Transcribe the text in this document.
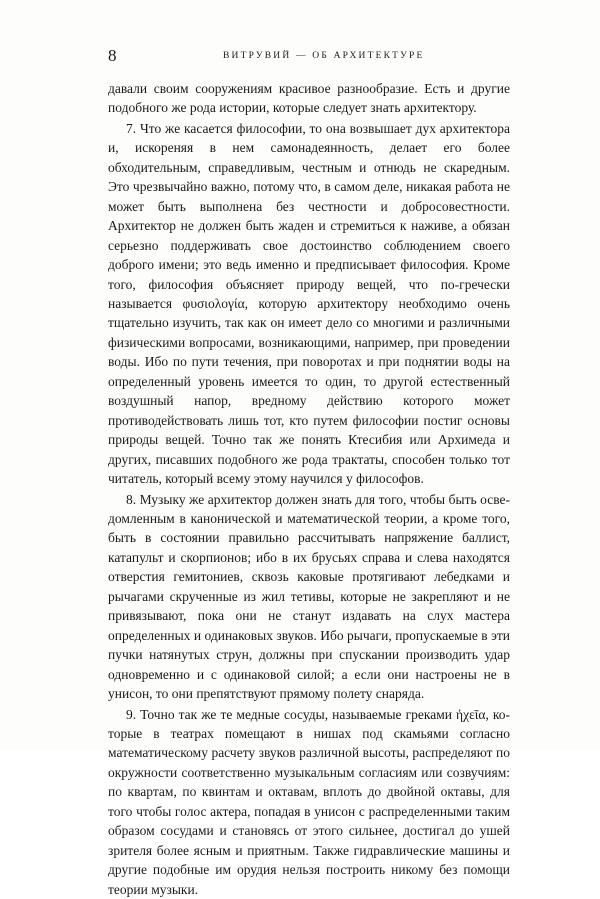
8	ВИТРУВИЙ — ОБ АРХИТЕКТУРЕ

давали своим сооружениям красивое разнообразие. Есть и другие подобного же рода истории, которые следует знать архитектору.

7. Что же касается философии, то она возвышает дух архитектора и, искореняя в нем самонадеянность, делает его более обходительным, справедливым, честным и отнюдь не скаредным. Это чрезвычайно важно, потому что, в самом деле, никакая работа не может быть выполнена без честности и добросовестности. Архитектор не должен быть жаден и стремиться к наживе, а обязан серьезно поддерживать свое достоинство соблюдением своего доброго имени; это ведь именно и предписывает философия. Кроме того, философия объясняет природу вещей, что по-гречески называется φυσιολογία, которую архитектору необходимо очень тщательно изучить, так как он имеет дело со многими и различными физическими вопросами, возникающими, например, при проведении воды. Ибо по пути течения, при поворотах и при поднятии воды на определенный уровень имеется то один, то другой естественный воздушный напор, вредному действию которого может противодействовать лишь тот, кто путем философии постиг основы природы вещей. Точно так же понять Ктесибия или Архимеда и других, писавших подобного же рода трактаты, способен только тот читатель, который всему этому научился у философов.

8. Музыку же архитектор должен знать для того, чтобы быть осведомленным в канонической и математической теории, а кроме того, быть в состоянии правильно рассчитывать напряжение баллист, катапульт и скорпионов; ибо в их брусьях справа и слева находятся отверстия гемитониев, сквозь каковые протягивают лебедками и рычагами скрученные из жил тетивы, которые не закрепляют и не привязывают, пока они не станут издавать на слух мастера определенных и одинаковых звуков. Ибо рычаги, пропускаемые в эти пучки натянутых струн, должны при спускании производить удар одновременно и с одинаковой силой; а если они настроены не в унисон, то они препятствуют прямому полету снаряда.

9. Точно так же те медные сосуды, называемые греками ἠχεῖα, которые в театрах помещают в нишах под скамьями согласно математическому расчету звуков различной высоты, распределяют по окружности соответственно музыкальным согласиям или созвучиям: по квартам, по квинтам и октавам, вплоть до двойной октавы, для того чтобы голос актера, попадая в унисон с распределенными таким образом сосудами и становясь от этого сильнее, достигал до ушей зрителя более ясным и приятным. Также гидравлические машины и другие подобные им орудия нельзя построить никому без помощи теории музыки.
